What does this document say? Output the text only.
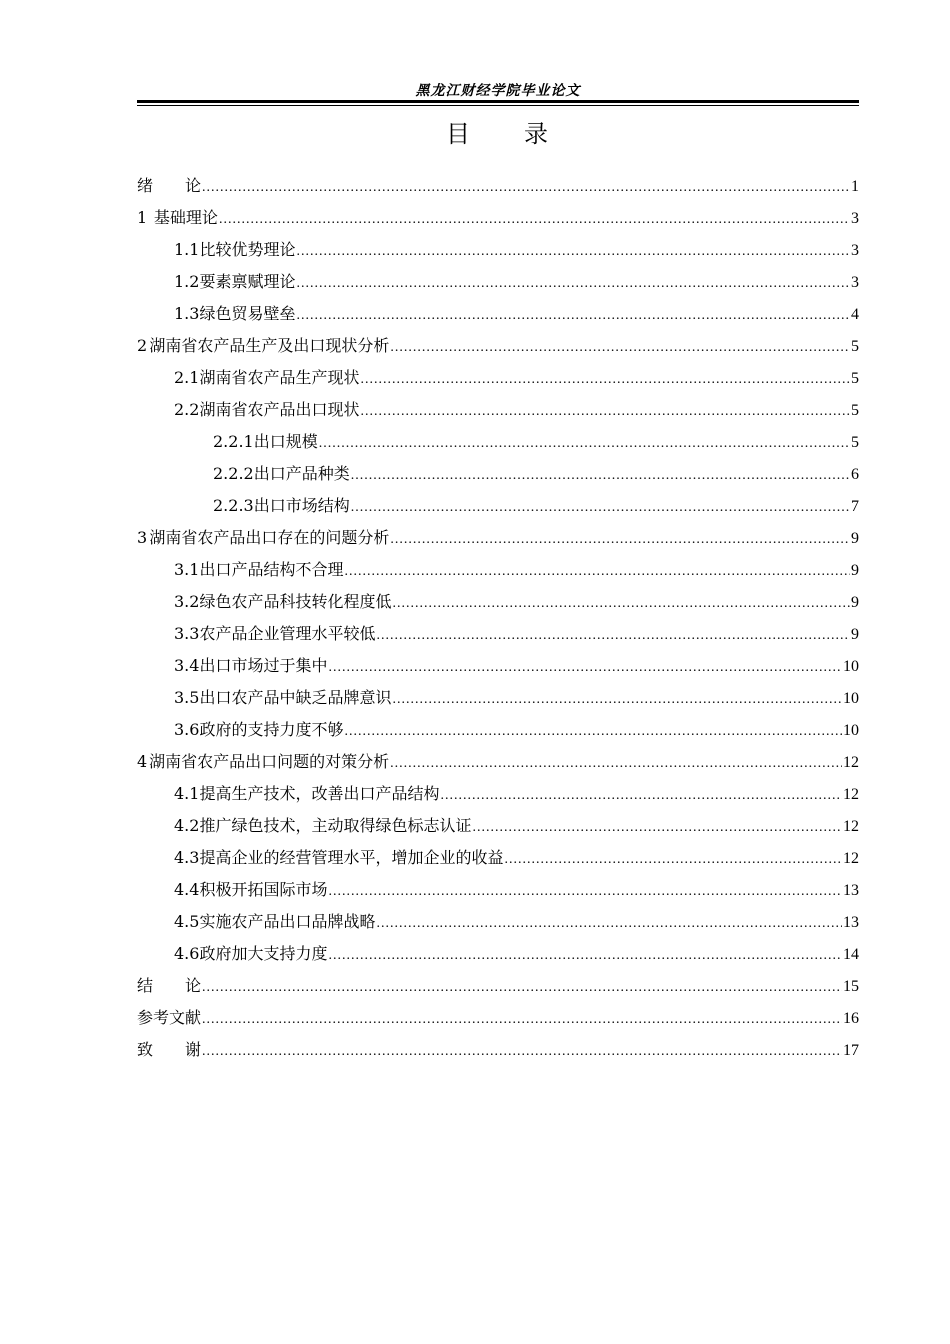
黑龙江财经学院毕业论文
目　　录
绪　　论 .....	1
1 基础理论 .....	3
1.1 比较优势理论 .....	3
1.2 要素禀赋理论 .....	3
1.3 绿色贸易壁垒 .....	4
2 湖南省农产品生产及出口现状分析 .....	5
2.1 湖南省农产品生产现状 .....	5
2.2 湖南省农产品出口现状 .....	5
2.2.1 出口规模 .....	5
2.2.2 出口产品种类 .....	6
2.2.3 出口市场结构 .....	7
3 湖南省农产品出口存在的问题分析 .....	9
3.1 出口产品结构不合理 .....	9
3.2 绿色农产品科技转化程度低 .....	9
3.3 农产品企业管理水平较低 .....	9
3.4 出口市场过于集中 .....	10
3.5 出口农产品中缺乏品牌意识 .....	10
3.6 政府的支持力度不够 .....	10
4 湖南省农产品出口问题的对策分析 .....	12
4.1 提高生产技术，改善出口产品结构 .....	12
4.2 推广绿色技术，主动取得绿色标志认证 .....	12
4.3 提高企业的经营管理水平，增加企业的收益 .....	12
4.4 积极开拓国际市场 .....	13
4.5 实施农产品出口品牌战略 .....	13
4.6 政府加大支持力度 .....	14
结　　论 .....	15
参考文献 .....	16
致　　谢 .....	17
